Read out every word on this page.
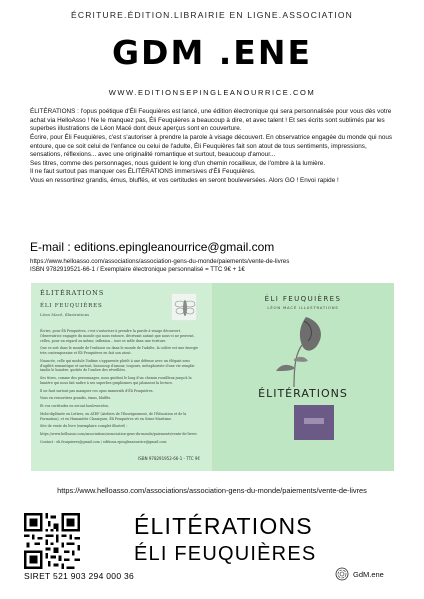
ÉCRITURE.ÉDITION.LIBRAIRIE EN LIGNE.ASSOCIATION
GDM .ENE
WWW.EDITIONSEPINGLEANOURRICE.COM

ÉLITÉRATIONS : l'opus poétique d'Éli Feuquières est lancé, une édition électronique qui sera personnalisée pour vous dès votre achat via HelloAsso ! Ne le manquez pas, Éli Feuquières a beaucoup à dire, et avec talent ! Et ses écrits sont sublimés par les superbes illustrations de Léon Macé dont deux aperçus sont en couverture.

Écrire, pour Éli Feuquières, c'est s'autoriser à prendre la parole à visage découvert. En observatrice engagée du monde qui nous entoure, que ce soit celui de l'enfance ou celui de l'adulte, Éli Feuquières fait son atout de tous sentiments, impressions, sensations, réflexions... avec une originalité romantique et surtout, beaucoup d'amour...

Ses titres, comme des personnages, nous guident le long d'un chemin rocailleux, de l'ombre à la lumière.

Il ne faut surtout pas manquer ces ÉLITÉRATIONS immersives d'Éli Feuquières.

Vous en ressortirez grandis, émus, bluffés, et vos certitudes en seront bouleversées. Alors GO ! Envoi rapide !

E-mail : editions.epingleanourrice@gmail.com
https://www.helloasso.com/associations/association-gens-du-monde/paiements/vente-de-livres
ISBN 9782919521-66-1 / Exemplaire électronique personnalisé = TTC 9€ + 1€
ÉLITÉRATIONS
ÉLI FEUQUIÈRES
Léon Macé, illustrations

Écrire, pour Éli Feuquières, c'est s'autoriser à prendre la parole à visage découvert. Observatrice engagée du monde qui nous entoure, décrivant autant que nous-ci ne peuvent, celles, pour un regard ou même, inflexion... tout se mêle dans une écriture.

Que ce soit dans le monde de l'enfance ou dans le monde de l'adulte, la colère est une énergie très contemporaine et Éli Feuquières en fait son atout.

Nuancée, celle qui module l'infime s'apparente plutôt à une défense avec un élégant sens d'agilité romantique et surtout, beaucoup d'amour, toujours, métaphoriste d'une vie remplie tandis le lumière, quittée de l'ombre des réveillées.

Ses titres, comme des personnages, nous guident le long d'un chemin rocailleux jusqu'à la lumière qui nous fait naître à ses superbes graphismes qui jalonnent la lecture.

Il ne faut surtout pas manquer ces opus immersifs d'Éli Feuquières.

Vous en ressortirez grandis, émus, bluffés.

Et vos certitudes en seront bouleversées.

Mobi-diplômée en Lettres, en ATEF (Ateliers de l'Enseignement, de l'Éducation et de la Formation), et en Humanités Classiques, Éli Feuquières vit en Seine-Maritime.

Site de vente du livre (exemplaire complet illustré) :

https://www.helloasso.com/associations/association-gens-du-monde/paiements/vente-de-livres

Contact : eli.feuquieres@gmail.com / editions.epingleanourrice@gmail.com

ISBN 978291952-66-1 - TTC 9€
ÉLI FEUQUIÈRES
LÉON MACÉ ILLUSTRATIONS
ÉLITÉRATIONS
https://www.helloasso.com/associations/association-gens-du-monde/paiements/vente-de-livres
ÉLITÉRATIONS
ÉLI FEUQUIÈRES
SIRET 521 903 294 000 36	GdM.ene
